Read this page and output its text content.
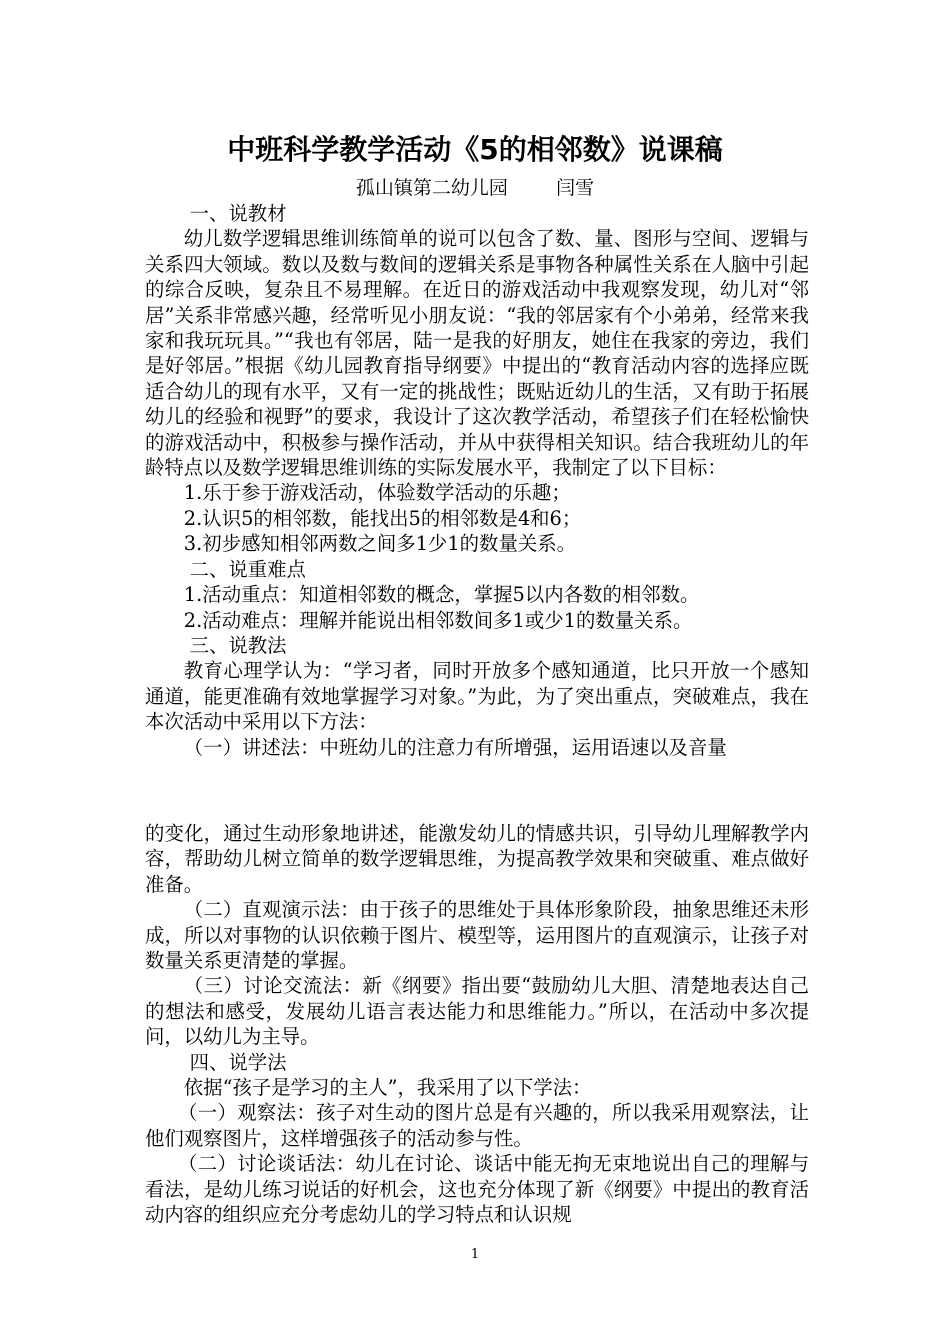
中班科学教学活动《5的相邻数》说课稿
孤山镇第二幼儿园        闫雪

一、说教材

幼儿数学逻辑思维训练简单的说可以包含了数、量、图形与空间、逻辑与关系四大领域。数以及数与数间的逻辑关系是事物各种属性关系在人脑中引起的综合反映，复杂且不易理解。在近日的游戏活动中我观察发现，幼儿对“邻居”关系非常感兴趣，经常听见小朋友说：“我的邻居家有个小弟弟，经常来我家和我玩玩具。”“我也有邻居，陆一是我的好朋友，她住在我家的旁边，我们是好邻居。”根据《幼儿园教育指导纲要》中提出的“教育活动内容的选择应既适合幼儿的现有水平，又有一定的挑战性；既贴近幼儿的生活，又有助于拓展幼儿的经验和视野”的要求，我设计了这次教学活动，希望孩子们在轻松愉快的游戏活动中，积极参与操作活动，并从中获得相关知识。结合我班幼儿的年龄特点以及数学逻辑思维训练的实际发展水平，我制定了以下目标：

1.乐于参于游戏活动，体验数学活动的乐趣；

2.认识5的相邻数，能找出5的相邻数是4和6；

3.初步感知相邻两数之间多1少1的数量关系。

二、说重难点

1.活动重点：知道相邻数的概念，掌握5以内各数的相邻数。

2.活动难点：理解并能说出相邻数间多1或少1的数量关系。

三、说教法

教育心理学认为：“学习者，同时开放多个感知通道，比只开放一个感知通道，能更准确有效地掌握学习对象。”为此，为了突出重点，突破难点，我在本次活动中采用以下方法：

（一）讲述法：中班幼儿的注意力有所增强，运用语速以及音量

的变化，通过生动形象地讲述，能激发幼儿的情感共识，引导幼儿理解教学内容，帮助幼儿树立简单的数学逻辑思维，为提高教学效果和突破重、难点做好准备。

（二）直观演示法：由于孩子的思维处于具体形象阶段，抽象思维还未形成，所以对事物的认识依赖于图片、模型等，运用图片的直观演示，让孩子对数量关系更清楚的掌握。

（三）讨论交流法：新《纲要》指出要“鼓励幼儿大胆、清楚地表达自己的想法和感受，发展幼儿语言表达能力和思维能力。”所以，在活动中多次提问，以幼儿为主导。

四、说学法

依据“孩子是学习的主人”，我采用了以下学法：

（一）观察法：孩子对生动的图片总是有兴趣的，所以我采用观察法，让他们观察图片，这样增强孩子的活动参与性。

（二）讨论谈话法：幼儿在讨论、谈话中能无拘无束地说出自己的理解与看法，是幼儿练习说话的好机会，这也充分体现了新《纲要》中提出的教育活动内容的组织应充分考虑幼儿的学习特点和认识规

1
